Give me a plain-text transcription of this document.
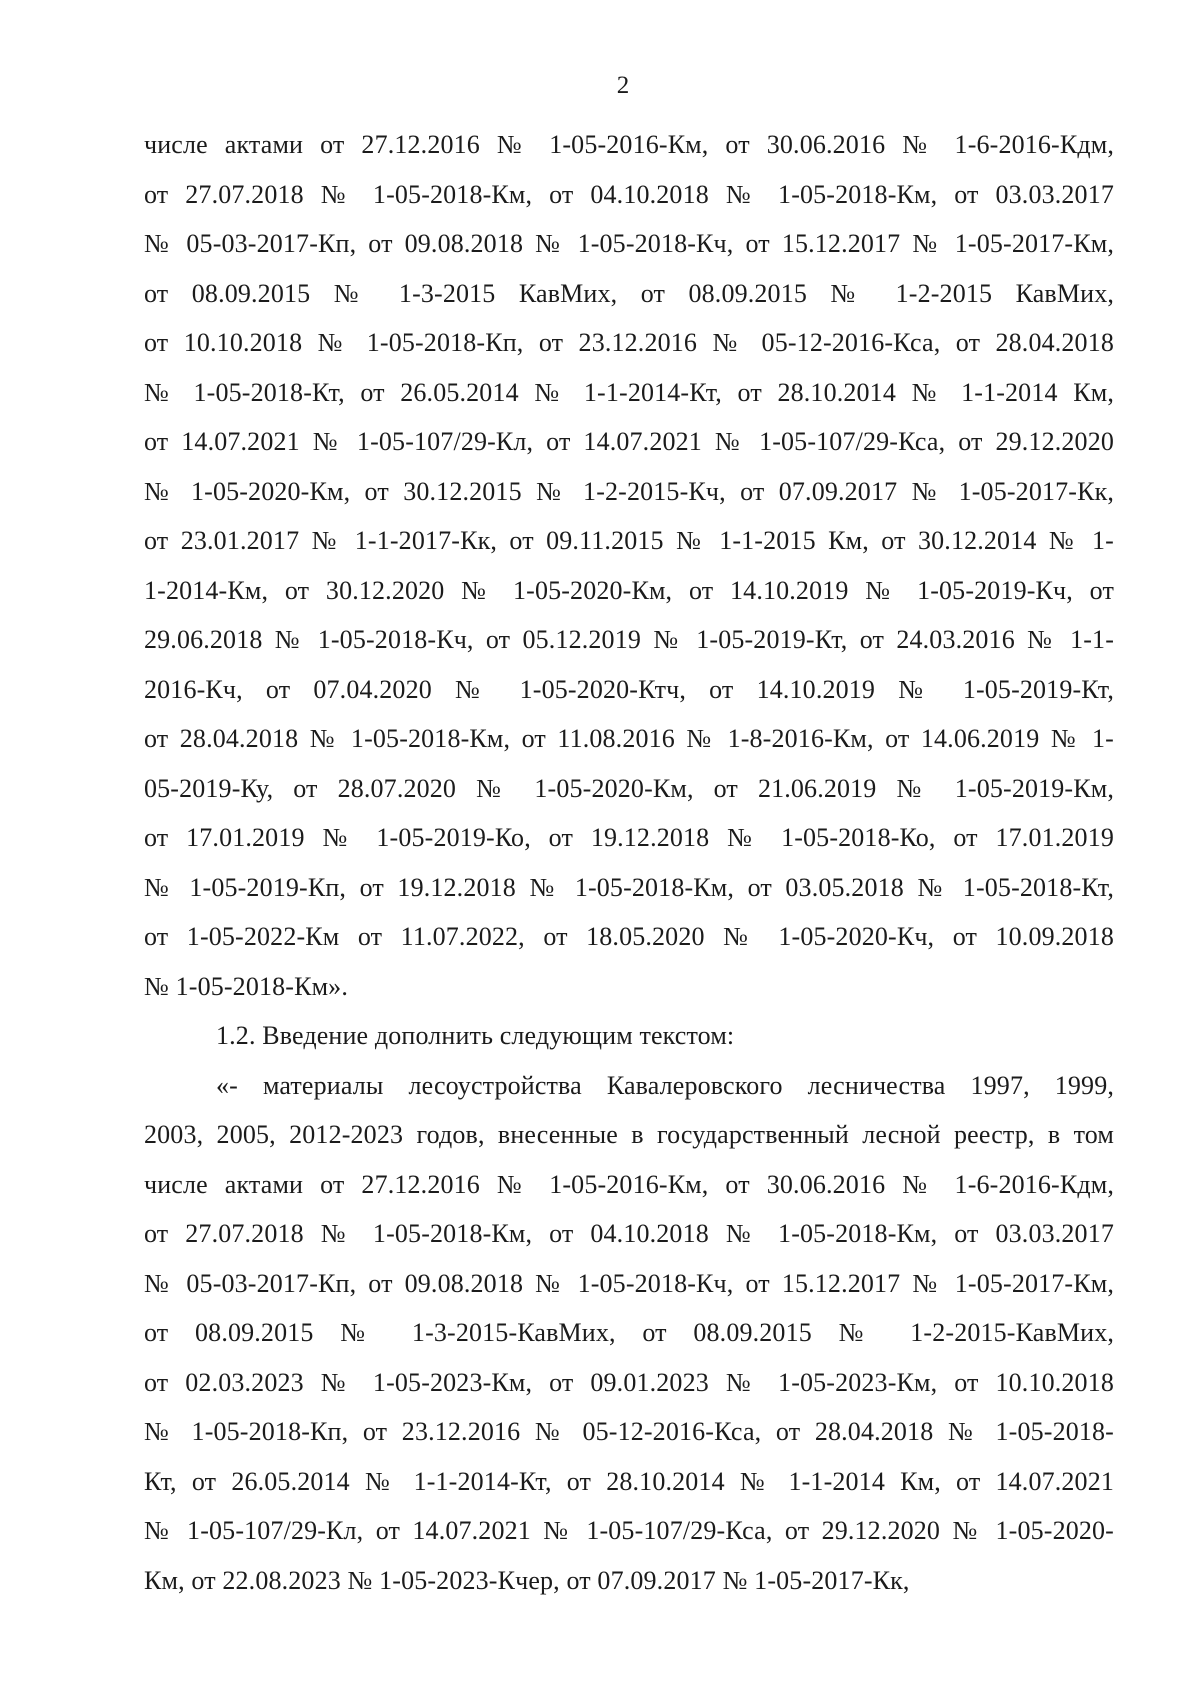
2
числе актами от 27.12.2016 № 1-05-2016-Км, от 30.06.2016 № 1-6-2016-Кдм,
от 27.07.2018 № 1-05-2018-Км, от 04.10.2018 № 1-05-2018-Км, от 03.03.2017
№ 05-03-2017-Кп, от 09.08.2018 № 1-05-2018-Кч, от 15.12.2017 № 1-05-2017-Км,
от 08.09.2015 № 1-3-2015 КавМих, от 08.09.2015 № 1-2-2015 КавМих,
от 10.10.2018 № 1-05-2018-Кп, от 23.12.2016 № 05-12-2016-Кса, от 28.04.2018
№ 1-05-2018-Кт, от 26.05.2014 № 1-1-2014-Кт, от 28.10.2014 № 1-1-2014 Км,
от 14.07.2021 № 1-05-107/29-Кл, от 14.07.2021 № 1-05-107/29-Кса, от 29.12.2020
№ 1-05-2020-Км, от 30.12.2015 № 1-2-2015-Кч, от 07.09.2017 № 1-05-2017-Кк,
от 23.01.2017 № 1-1-2017-Кк, от 09.11.2015 № 1-1-2015 Км, от 30.12.2014 № 1-
1-2014-Км, от 30.12.2020 № 1-05-2020-Км, от 14.10.2019 № 1-05-2019-Кч, от
29.06.2018 № 1-05-2018-Кч, от 05.12.2019 № 1-05-2019-Кт, от 24.03.2016 № 1-1-
2016-Кч, от 07.04.2020 № 1-05-2020-Ктч, от 14.10.2019 № 1-05-2019-Кт,
от 28.04.2018 № 1-05-2018-Км, от 11.08.2016 № 1-8-2016-Км, от 14.06.2019 № 1-
05-2019-Ку, от 28.07.2020 № 1-05-2020-Км, от 21.06.2019 № 1-05-2019-Км,
от 17.01.2019 № 1-05-2019-Ко, от 19.12.2018 № 1-05-2018-Ко, от 17.01.2019
№ 1-05-2019-Кп, от 19.12.2018 № 1-05-2018-Км, от 03.05.2018 № 1-05-2018-Кт,
от 1-05-2022-Км от 11.07.2022, от 18.05.2020 № 1-05-2020-Кч, от 10.09.2018
№ 1-05-2018-Км».
1.2. Введение дополнить следующим текстом:
«- материалы лесоустройства Кавалеровского лесничества 1997, 1999,
2003, 2005, 2012-2023 годов, внесенные в государственный лесной реестр, в том
числе актами от 27.12.2016 № 1-05-2016-Км, от 30.06.2016 № 1-6-2016-Кдм,
от 27.07.2018 № 1-05-2018-Км, от 04.10.2018 № 1-05-2018-Км, от 03.03.2017
№ 05-03-2017-Кп, от 09.08.2018 № 1-05-2018-Кч, от 15.12.2017 № 1-05-2017-Км,
от 08.09.2015 № 1-3-2015-КавМих, от 08.09.2015 № 1-2-2015-КавМих,
от 02.03.2023 № 1-05-2023-Км, от 09.01.2023 № 1-05-2023-Км, от 10.10.2018
№ 1-05-2018-Кп, от 23.12.2016 № 05-12-2016-Кса, от 28.04.2018 № 1-05-2018-
Кт, от 26.05.2014 № 1-1-2014-Кт, от 28.10.2014 № 1-1-2014 Км, от 14.07.2021
№ 1-05-107/29-Кл, от 14.07.2021 № 1-05-107/29-Кса, от 29.12.2020 № 1-05-2020-
Км, от 22.08.2023 № 1-05-2023-Кчер, от 07.09.2017 № 1-05-2017-Кк,
